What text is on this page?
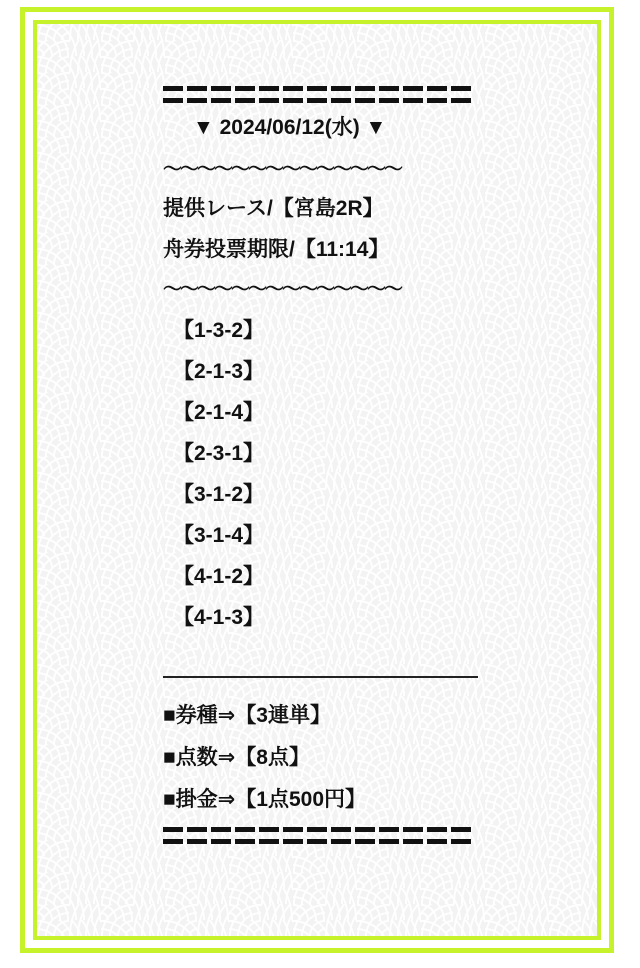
▼ 2024/06/12(水) ▼
〜〜〜〜〜〜〜〜〜〜〜〜〜〜
提供レース/【宮島2R】
舟券投票期限/【11:14】
〜〜〜〜〜〜〜〜〜〜〜〜〜〜
【1-3-2】
【2-1-3】
【2-1-4】
【2-3-1】
【3-1-2】
【3-1-4】
【4-1-2】
【4-1-3】
■券種⇒【3連単】
■点数⇒【8点】
■掛金⇒【1点500円】
